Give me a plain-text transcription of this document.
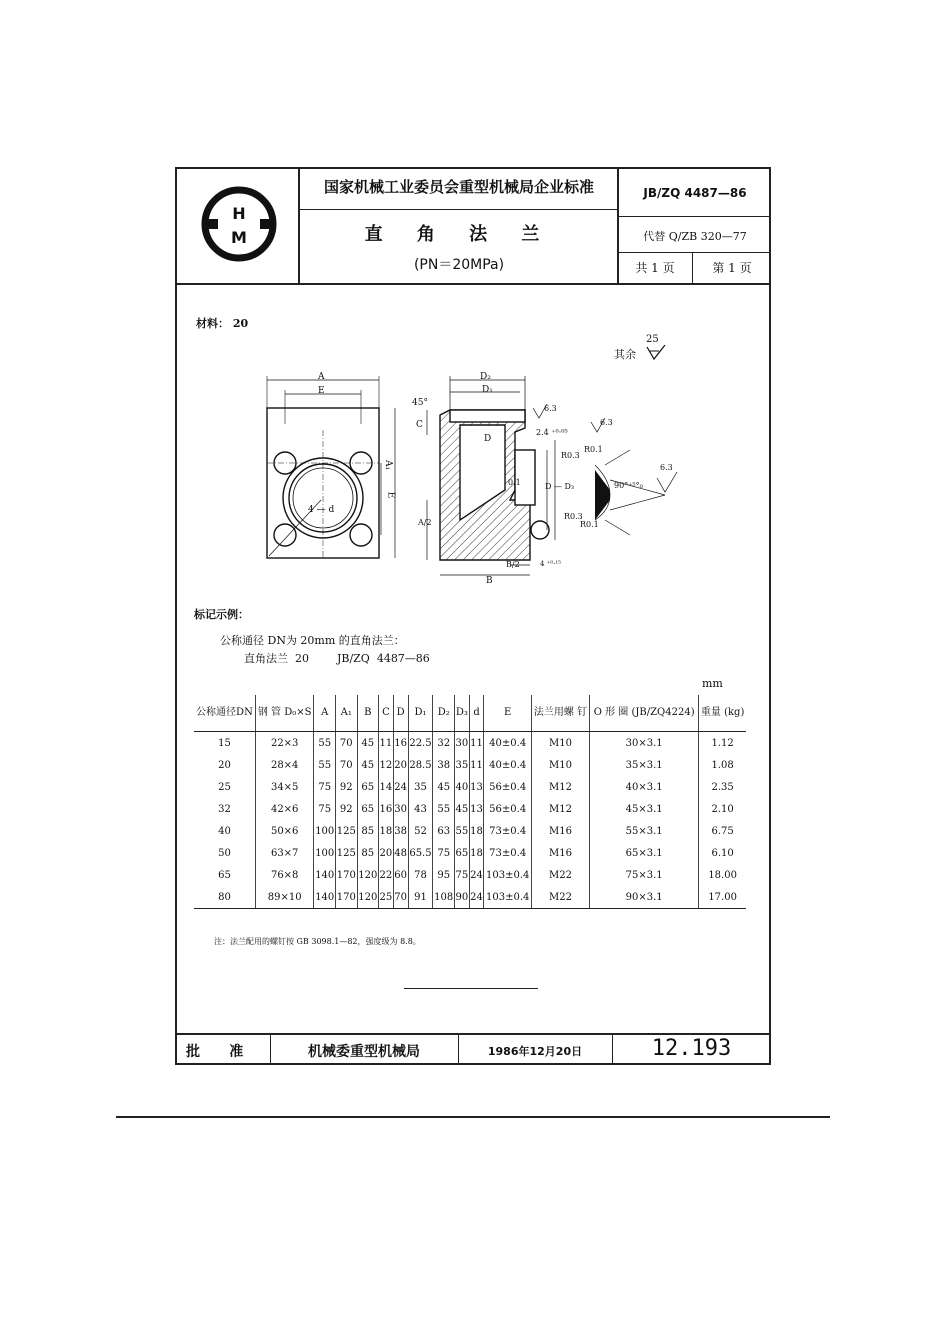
H
M
国家机械工业委员会重型机械局企业标准	JB/ZQ 4487—86
直 角 法 兰
(PN＝20MPa)
代替 Q/ZB 320—77
共 1 页	第 1 页
材料： 20
其余
25
A
E
A₁
E
4 — d
D₂
D₁
45°
C
D
6.3
6.3
6.3
2.4 ⁺⁰·⁰⁵
R0.1
R0.3
R0.3
R0.1
0.1	D — D₃	90°⁺⁵°₀
A/2
B/2
B
4 ⁺⁰·¹⁵
标记示例：
公称通径 DN为 20mm 的直角法兰：
直角法兰  20        JB/ZQ  4487—86
mm
公称通径DN	钢 管 D₀×S	A	A₁	B	C	D	D₁	D₂	D₃	d	E	法兰用螺 钉	O 形 圈 (JB/ZQ4224)	重量 (kg)
15	22×3	55	70	45	11	16	22.5	32	30	11	40±0.4	M10	30×3.1	1.12
20	28×4	55	70	45	12	20	28.5	38	35	11	40±0.4	M10	35×3.1	1.08
25	34×5	75	92	65	14	24	35	45	40	13	56±0.4	M12	40×3.1	2.35
32	42×6	75	92	65	16	30	43	55	45	13	56±0.4	M12	45×3.1	2.10
40	50×6	100	125	85	18	38	52	63	55	18	73±0.4	M16	55×3.1	6.75
50	63×7	100	125	85	20	48	65.5	75	65	18	73±0.4	M16	65×3.1	6.10
65	76×8	140	170	120	22	60	78	95	75	24	103±0.4	M22	75×3.1	18.00
80	89×10	140	170	120	25	70	91	108	90	24	103±0.4	M22	90×3.1	17.00
注：法兰配用的螺钉按 GB 3098.1—82，强度级为 8.8。
批      准	机械委重型机械局	1986年12月20日	12.193
